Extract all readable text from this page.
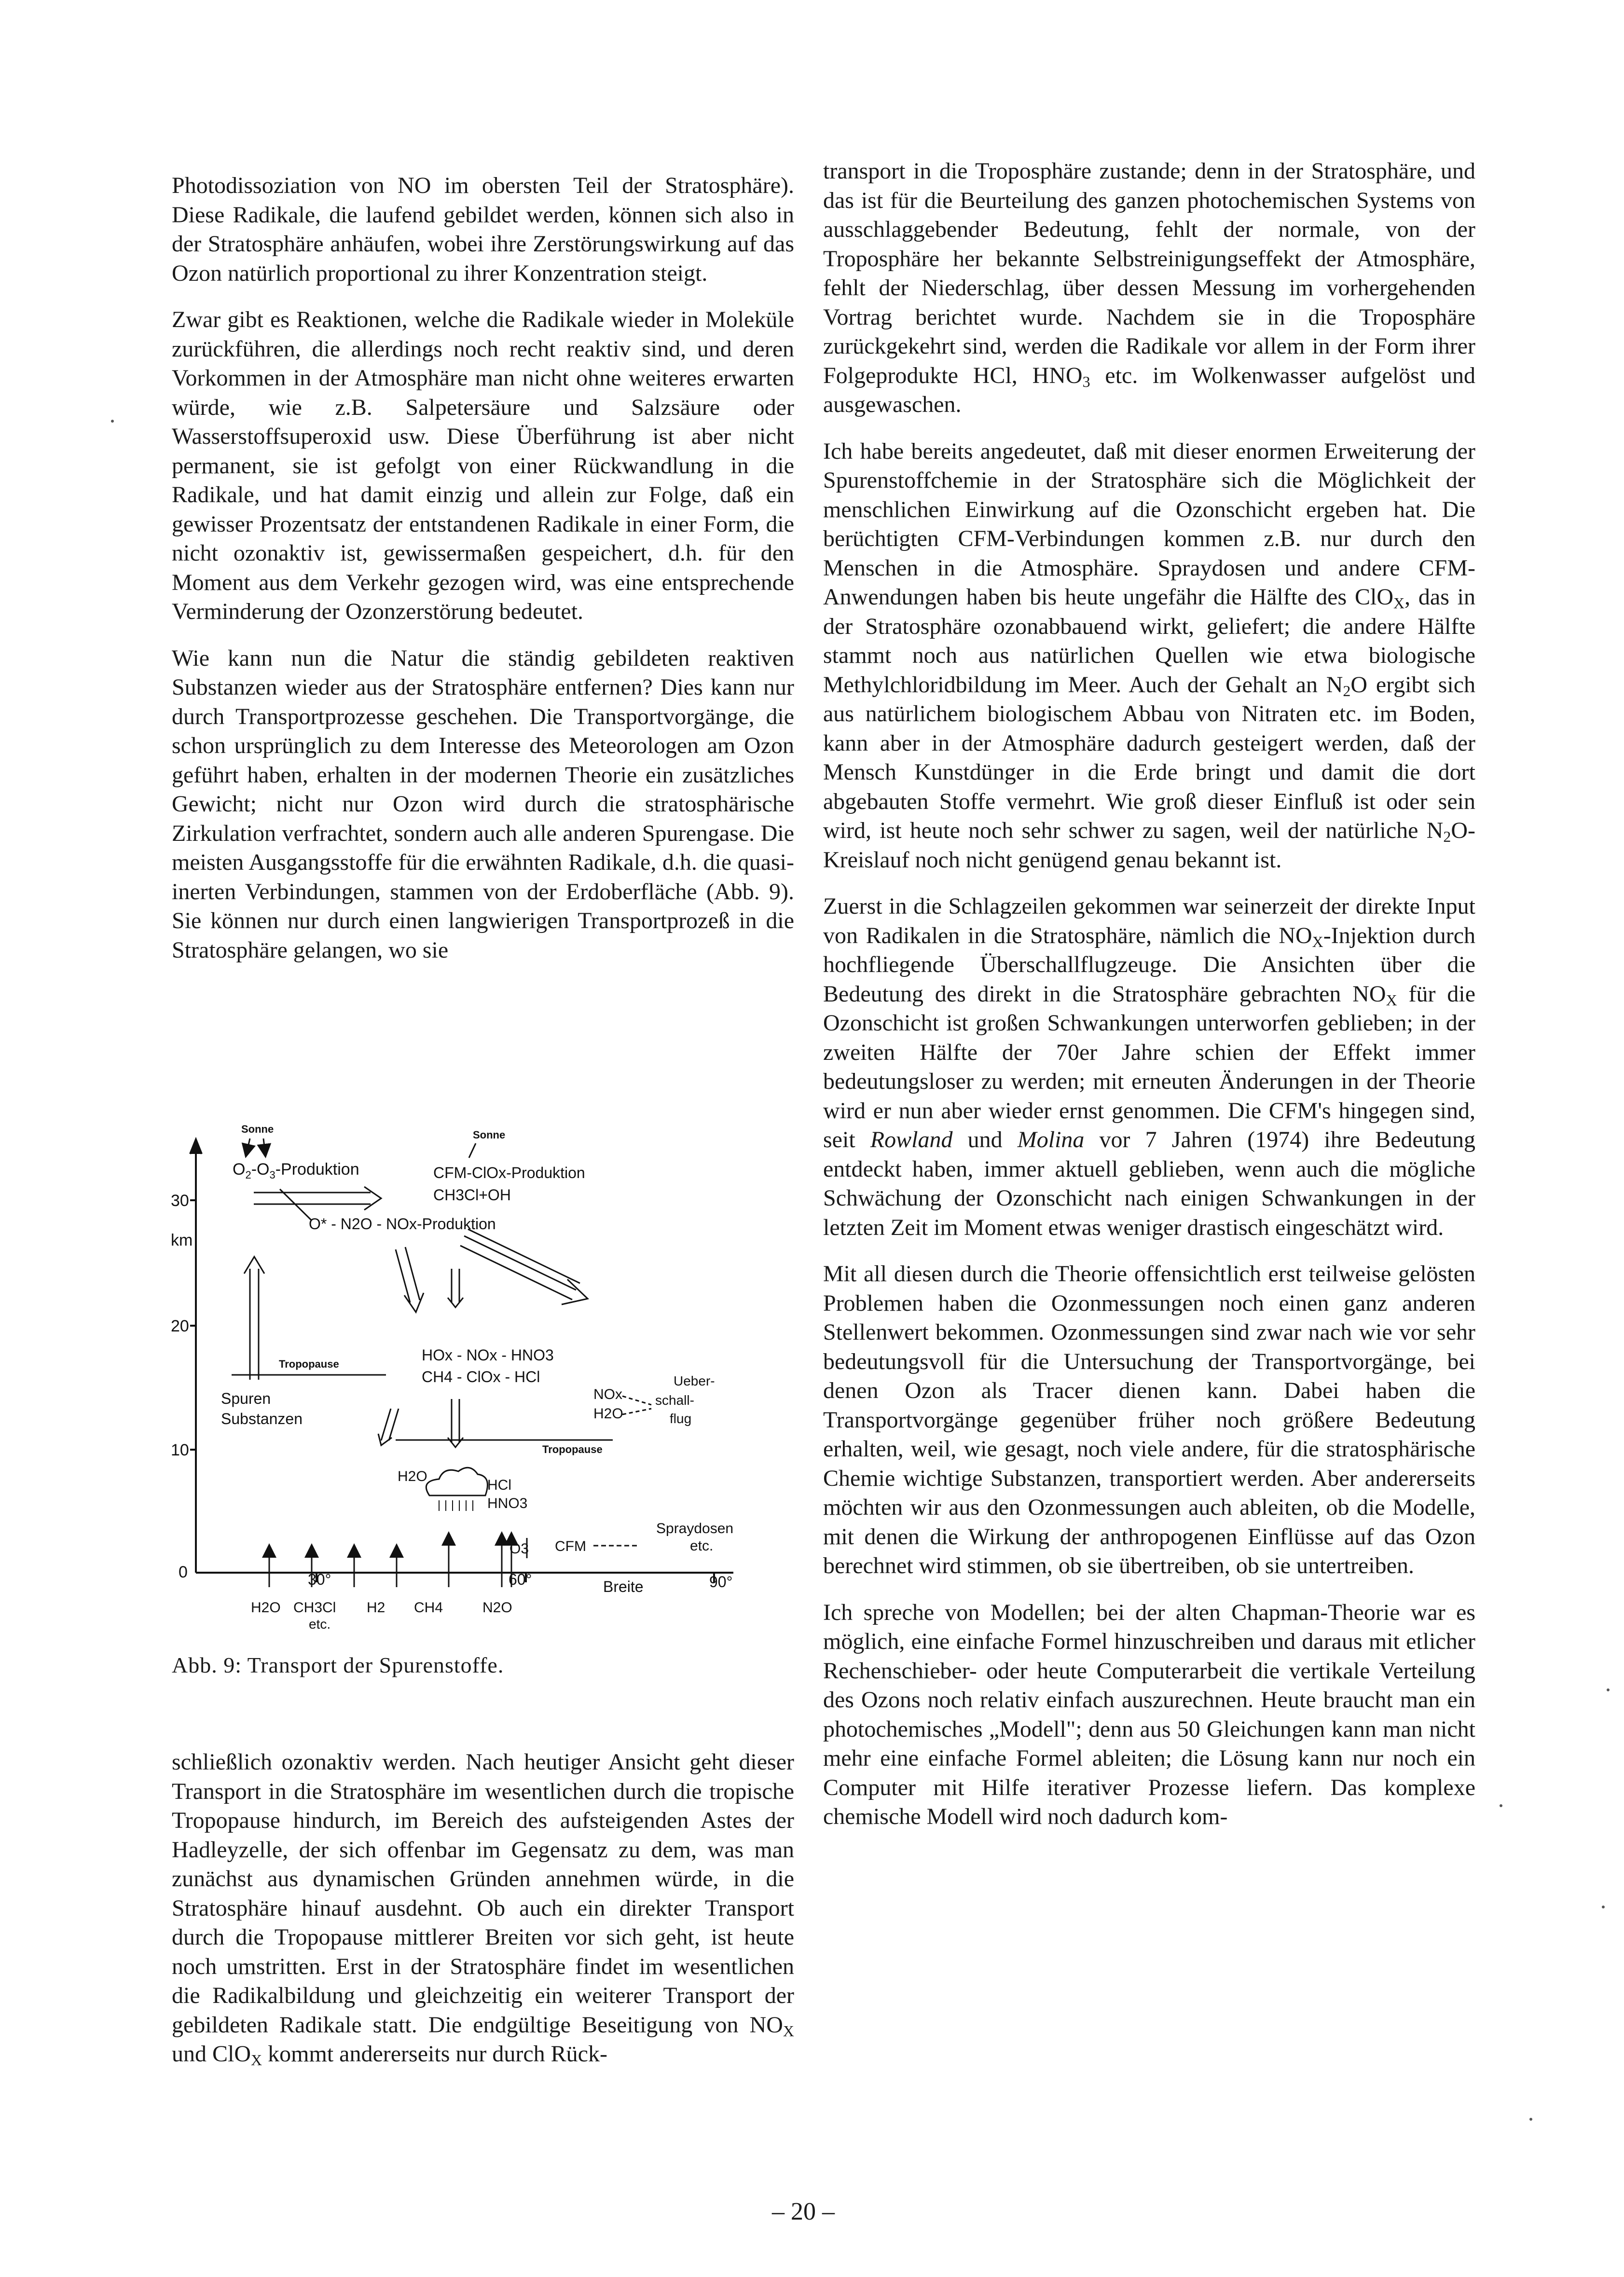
Photodissoziation von NO im obersten Teil der Stratosphäre). Diese Radikale, die laufend gebildet werden, können sich also in der Stratosphäre anhäufen, wobei ihre Zerstörungswirkung auf das Ozon natürlich proportional zu ihrer Konzentration steigt.

Zwar gibt es Reaktionen, welche die Radikale wieder in Moleküle zurückführen, die allerdings noch recht reaktiv sind, und deren Vorkommen in der Atmosphäre man nicht ohne weiteres erwarten würde, wie z.B. Salpetersäure und Salzsäure oder Wasserstoffsuperoxid usw. Diese Überführung ist aber nicht permanent, sie ist gefolgt von einer Rückwandlung in die Radikale, und hat damit einzig und allein zur Folge, daß ein gewisser Prozentsatz der entstandenen Radikale in einer Form, die nicht ozonaktiv ist, gewissermaßen gespeichert, d.h. für den Moment aus dem Verkehr gezogen wird, was eine entsprechende Verminderung der Ozonzerstörung bedeutet.

Wie kann nun die Natur die ständig gebildeten reaktiven Substanzen wieder aus der Stratosphäre entfernen? Dies kann nur durch Transportprozesse geschehen. Die Transportvorgänge, die schon ursprünglich zu dem Interesse des Meteorologen am Ozon geführt haben, erhalten in der modernen Theorie ein zusätzliches Gewicht; nicht nur Ozon wird durch die stratosphärische Zirkulation verfrachtet, sondern auch alle anderen Spurengase. Die meisten Ausgangsstoffe für die erwähnten Radikale, d.h. die quasi-inerten Verbindungen, stammen von der Erdoberfläche (Abb. 9). Sie können nur durch einen langwierigen Transportprozeß in die Stratosphäre gelangen, wo sie

30
km
20
10
0	30°	60°	90°
Breite
Sonne
$O_2-O_3$-Produktion
Sonne
CFM-ClOx-Produktion
CH3Cl+OH
O* - N2O - NOx-Produktion
Tropopause
HOx - NOx - HNO3
CH4 - ClOx - HCl
Spuren
Substanzen
NOx
H2O
Ueber-
schall-
flug
Tropopause
H2O
HCl
HNO3
O3 CFM
Spraydosen
etc.
H2O CH3Cl
etc.
H2 CH4	N2O
Abb. 9: Transport der Spurenstoffe.

schließlich ozonaktiv werden. Nach heutiger Ansicht geht dieser Transport in die Stratosphäre im wesentlichen durch die tropische Tropopause hindurch, im Bereich des aufsteigenden Astes der Hadleyzelle, der sich offenbar im Gegensatz zu dem, was man zunächst aus dynamischen Gründen annehmen würde, in die Stratosphäre hinauf ausdehnt. Ob auch ein direkter Transport durch die Tropopause mittlerer Breiten vor sich geht, ist heute noch umstritten. Erst in der Stratosphäre findet im wesentlichen die Radikalbildung und gleichzeitig ein weiterer Transport der gebildeten Radikale statt. Die endgültige Beseitigung von $NO_X$ und ClO$_X$ kommt andererseits nur durch Rück-

transport in die Troposphäre zustande; denn in der Stratosphäre, und das ist für die Beurteilung des ganzen photochemischen Systems von ausschlaggebender Bedeutung, fehlt der normale, von der Troposphäre her bekannte Selbstreinigungseffekt der Atmosphäre, fehlt der Niederschlag, über dessen Messung im vorhergehenden Vortrag berichtet wurde. Nachdem sie in die Troposphäre zurückgekehrt sind, werden die Radikale vor allem in der Form ihrer Folgeprodukte HCl, $HNO_3$ etc. im Wolkenwasser aufgelöst und ausgewaschen.

Ich habe bereits angedeutet, daß mit dieser enormen Erweiterung der Spurenstoffchemie in der Stratosphäre sich die Möglichkeit der menschlichen Einwirkung auf die Ozonschicht ergeben hat. Die berüchtigten CFM-Verbindungen kommen z.B. nur durch den Menschen in die Atmosphäre. Spraydosen und andere CFM-Anwendungen haben bis heute ungefähr die Hälfte des ClO$_X$, das in der Stratosphäre ozonabbauend wirkt, geliefert; die andere Hälfte stammt noch aus natürlichen Quellen wie etwa biologische Methylchloridbildung im Meer. Auch der Gehalt an $N_2O$ ergibt sich aus natürlichem biologischem Abbau von Nitraten etc. im Boden, kann aber in der Atmosphäre dadurch gesteigert werden, daß der Mensch Kunstdünger in die Erde bringt und damit die dort abgebauten Stoffe vermehrt. Wie groß dieser Einfluß ist oder sein wird, ist heute noch sehr schwer zu sagen, weil der natürliche $N_2O$-Kreislauf noch nicht genügend genau bekannt ist.

Zuerst in die Schlagzeilen gekommen war seinerzeit der direkte Input von Radikalen in die Stratosphäre, nämlich die $NO_X$-Injektion durch hochfliegende Überschallflugzeuge. Die Ansichten über die Bedeutung des direkt in die Stratosphäre gebrachten $NO_X$ für die Ozonschicht ist großen Schwankungen unterworfen geblieben; in der zweiten Hälfte der 70er Jahre schien der Effekt immer bedeutungsloser zu werden; mit erneuten Änderungen in der Theorie wird er nun aber wieder ernst genommen. Die CFM's hingegen sind, seit Rowland und Molina vor 7 Jahren (1974) ihre Bedeutung entdeckt haben, immer aktuell geblieben, wenn auch die mögliche Schwächung der Ozonschicht nach einigen Schwankungen in der letzten Zeit im Moment etwas weniger drastisch eingeschätzt wird.

Mit all diesen durch die Theorie offensichtlich erst teilweise gelösten Problemen haben die Ozonmessungen noch einen ganz anderen Stellenwert bekommen. Ozonmessungen sind zwar nach wie vor sehr bedeutungsvoll für die Untersuchung der Transportvorgänge, bei denen Ozon als Tracer dienen kann. Dabei haben die Transportvorgänge gegenüber früher noch größere Bedeutung erhalten, weil, wie gesagt, noch viele andere, für die stratosphärische Chemie wichtige Substanzen, transportiert werden. Aber andererseits möchten wir aus den Ozonmessungen auch ableiten, ob die Modelle, mit denen die Wirkung der anthropogenen Einflüsse auf das Ozon berechnet wird stimmen, ob sie übertreiben, ob sie untertreiben.

Ich spreche von Modellen; bei der alten Chapman-Theorie war es möglich, eine einfache Formel hinzuschreiben und daraus mit etlicher Rechenschieber- oder heute Computerarbeit die vertikale Verteilung des Ozons noch relativ einfach auszurechnen. Heute braucht man ein photochemisches „Modell"; denn aus 50 Gleichungen kann man nicht mehr eine einfache Formel ableiten; die Lösung kann nur noch ein Computer mit Hilfe iterativer Prozesse liefern. Das komplexe chemische Modell wird noch dadurch kom-

– 20 –
